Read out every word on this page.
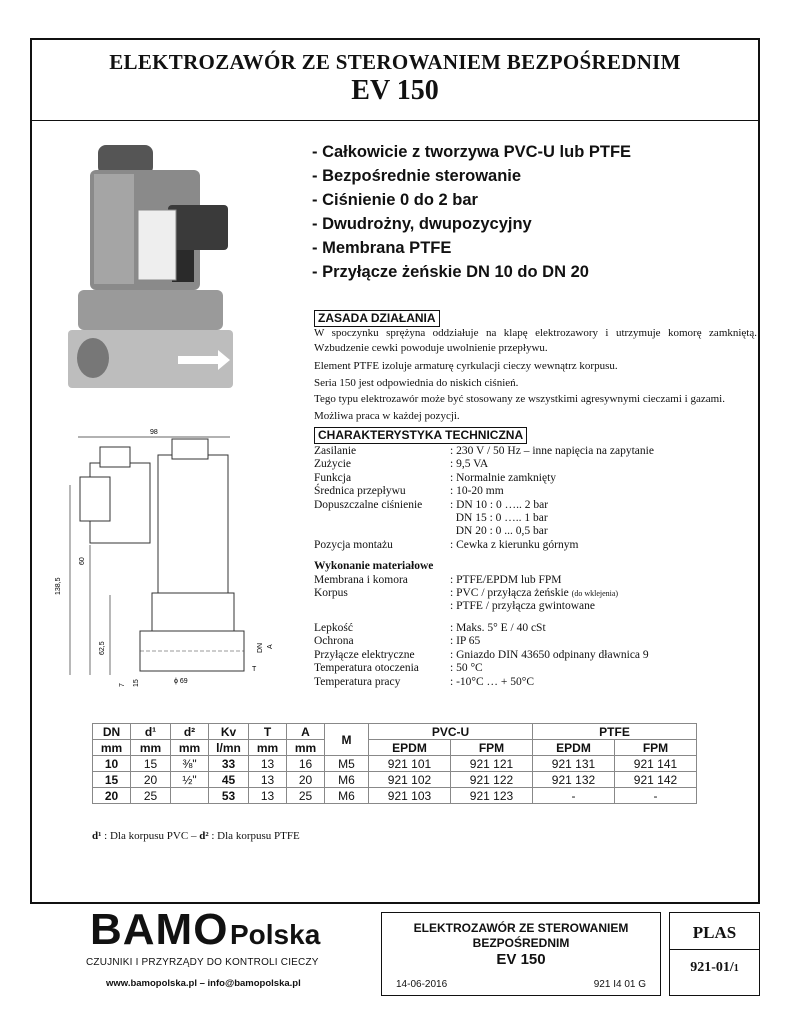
ELEKTROZAWÓR ZE STEROWANIEM BEZPOŚREDNIM
EV 150
98
138,5
60
62,5
7 15	ϕ 69
DN A
T
- Całkowicie z tworzywa PVC-U lub PTFE
- Bezpośrednie sterowanie
- Ciśnienie 0 do 2 bar
- Dwudrożny, dwupozycyjny
- Membrana PTFE
- Przyłącze żeńskie DN 10 do DN 20
ZASADA DZIAŁANIA
W spoczynku sprężyna oddziałuje na klapę elektrozawory i utrzymuje komorę zamkniętą. Wzbudzenie cewki powoduje uwolnienie przepływu.
Element PTFE izoluje armaturę cyrkulacji cieczy wewnątrz korpusu.
Seria 150 jest odpowiednia do niskich ciśnień.
Tego typu elektrozawór może być stosowany ze wszystkimi agresywnymi cieczami i gazami.
Możliwa praca w każdej pozycji.
CHARAKTERYSTYKA TECHNICZNA
Zasilanie	: 230 V / 50 Hz – inne napięcia na zapytanie
Zużycie	: 9,5 VA
Funkcja	: Normalnie zamknięty
Średnica przepływu	: 10-20 mm
Dopuszczalne ciśnienie	: DN 10 : 0 ….. 2 bar
DN 15 : 0 ….. 1 bar
DN 20 : 0 ... 0,5 bar
Pozycja montażu	: Cewka z kierunku górnym
Wykonanie materiałowe
Membrana i komora	: PTFE/EPDM lub FPM
Korpus	: PVC / przyłącza żeńskie
(do wklejenia)
: PTFE / przyłącza gwintowane
Lepkość	: Maks. 5° E / 40 cSt
Ochrona	: IP 65
Przyłącze elektryczne	: Gniazdo DIN 43650 odpinany dławnica 9
Temperatura otoczenia	: 50 °C
Temperatura pracy	: -10°C … + 50°C
DN	d¹	d²	Kv	T	A	M	PVC-U		PTFE	
mm	mm	mm	l/mn	mm	mm		EPDM	FPM	EPDM	FPM
10	15	⅜"	33	13	16	M5	921 101	921 121	921 131	921 141
15	20	½"	45	13	20	M6	921 102	921 122	921 132	921 142
20	25		53	13	25	M6	921 103	921 123	-	-
d¹ : Dla korpusu PVC – d² : Dla korpusu PTFE
BAMO Polska
CZUJNIKI I PRZYRZĄDY DO KONTROLI CIECZY
www.bamopolska.pl – info@bamopolska.pl
ELEKTROZAWÓR ZE STEROWANIEM
BEZPOŚREDNIM
EV 150
14-06-2016	921 I4 01 G
PLAS
921-01/1
